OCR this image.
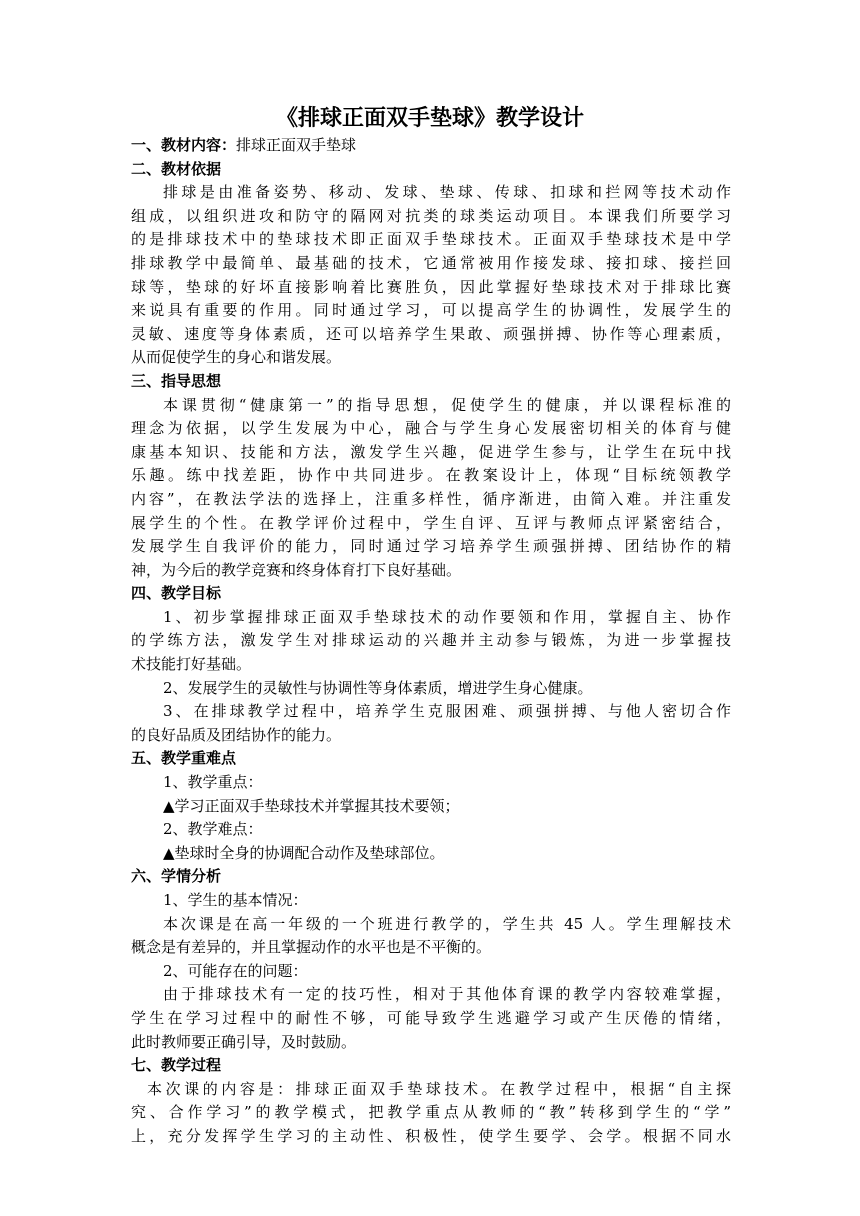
《排球正面双手垫球》教学设计
一、教材内容：排球正面双手垫球
二、教材依据
排球是由准备姿势、移动、发球、垫球、传球、扣球和拦网等技术动作
组成，以组织进攻和防守的隔网对抗类的球类运动项目。本课我们所要学习
的是排球技术中的垫球技术即正面双手垫球技术。正面双手垫球技术是中学
排球教学中最简单、最基础的技术，它通常被用作接发球、接扣球、接拦回
球等，垫球的好坏直接影响着比赛胜负，因此掌握好垫球技术对于排球比赛
来说具有重要的作用。同时通过学习，可以提高学生的协调性，发展学生的
灵敏、速度等身体素质，还可以培养学生果敢、顽强拼搏、协作等心理素质，
从而促使学生的身心和谐发展。
三、指导思想
本课贯彻“健康第一”的指导思想，促使学生的健康，并以课程标准的
理念为依据，以学生发展为中心，融合与学生身心发展密切相关的体育与健
康基本知识、技能和方法，激发学生兴趣，促进学生参与，让学生在玩中找
乐趣。练中找差距，协作中共同进步。在教案设计上，体现“目标统领教学
内容”，在教法学法的选择上，注重多样性，循序渐进，由简入难。并注重发
展学生的个性。在教学评价过程中，学生自评、互评与教师点评紧密结合，
发展学生自我评价的能力，同时通过学习培养学生顽强拼搏、团结协作的精
神，为今后的教学竞赛和终身体育打下良好基础。
四、教学目标
1、初步掌握排球正面双手垫球技术的动作要领和作用，掌握自主、协作
的学练方法，激发学生对排球运动的兴趣并主动参与锻炼，为进一步掌握技
术技能打好基础。
2、发展学生的灵敏性与协调性等身体素质，增进学生身心健康。
3、在排球教学过程中，培养学生克服困难、顽强拼搏、与他人密切合作
的良好品质及团结协作的能力。
五、教学重难点
1、教学重点：
▲学习正面双手垫球技术并掌握其技术要领；
2、教学难点：
▲垫球时全身的协调配合动作及垫球部位。
六、学情分析
1、学生的基本情况：
本次课是在高一年级的一个班进行教学的，学生共 45 人。学生理解技术
概念是有差异的，并且掌握动作的水平也是不平衡的。
2、可能存在的问题：
由于排球技术有一定的技巧性，相对于其他体育课的教学内容较难掌握，
学生在学习过程中的耐性不够，可能导致学生逃避学习或产生厌倦的情绪，
此时教师要正确引导，及时鼓励。
七、教学过程
本次课的内容是：排球正面双手垫球技术。在教学过程中，根据“自主探
究、合作学习”的教学模式，把教学重点从教师的“教”转移到学生的“学”
上，充分发挥学生学习的主动性、积极性，使学生要学、会学。根据不同水
